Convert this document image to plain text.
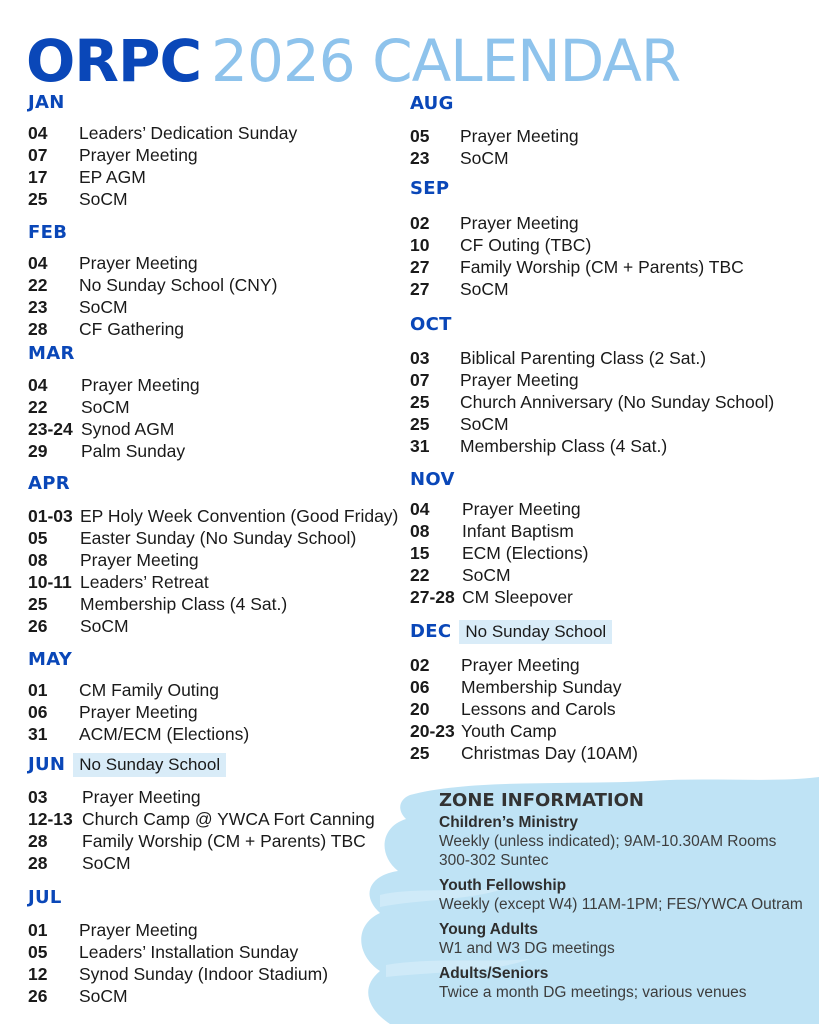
ORPC 2026 CALENDAR
ZONE INFORMATION
Children’s Ministry
Weekly (unless indicated); 9AM-10.30AM Rooms 300-302 Suntec
Youth Fellowship
Weekly (except W4) 11AM-1PM; FES/YWCA Outram
Young Adults
W1 and W3 DG meetings
Adults/Seniors
Twice a month DG meetings; various venues
JAN
04	Leaders’ Dedication Sunday
07	Prayer Meeting
17	EP AGM
25	SoCM
FEB
04	Prayer Meeting
22	No Sunday School (CNY)
23	SoCM
28	CF Gathering
MAR
04	Prayer Meeting
22	SoCM
23-24 Synod AGM
29	Palm Sunday
APR
01-03 EP Holy Week Convention (Good Friday)
05	Easter Sunday (No Sunday School)
08	Prayer Meeting
10-11 Leaders’ Retreat
25	Membership Class (4 Sat.)
26	SoCM
MAY
01	CM Family Outing
06	Prayer Meeting
31	ACM/ECM (Elections)
JUN No Sunday School
03	Prayer Meeting
12-13 Church Camp @ YWCA Fort Canning
28	Family Worship (CM + Parents) TBC
28	SoCM
JUL
01	Prayer Meeting
05	Leaders’ Installation Sunday
12	Synod Sunday (Indoor Stadium)
26	SoCM
AUG
05	Prayer Meeting
23	SoCM
SEP
02	Prayer Meeting
10	CF Outing (TBC)
27	Family Worship (CM + Parents) TBC
27	SoCM
OCT
03	Biblical Parenting Class (2 Sat.)
07	Prayer Meeting
25	Church Anniversary (No Sunday School)
25	SoCM
31	Membership Class (4 Sat.)
NOV
04	Prayer Meeting
08	Infant Baptism
15	ECM (Elections)
22	SoCM
27-28 CM Sleepover
DEC No Sunday School
02	Prayer Meeting
06	Membership Sunday
20	Lessons and Carols
20-23 Youth Camp
25	Christmas Day (10AM)
